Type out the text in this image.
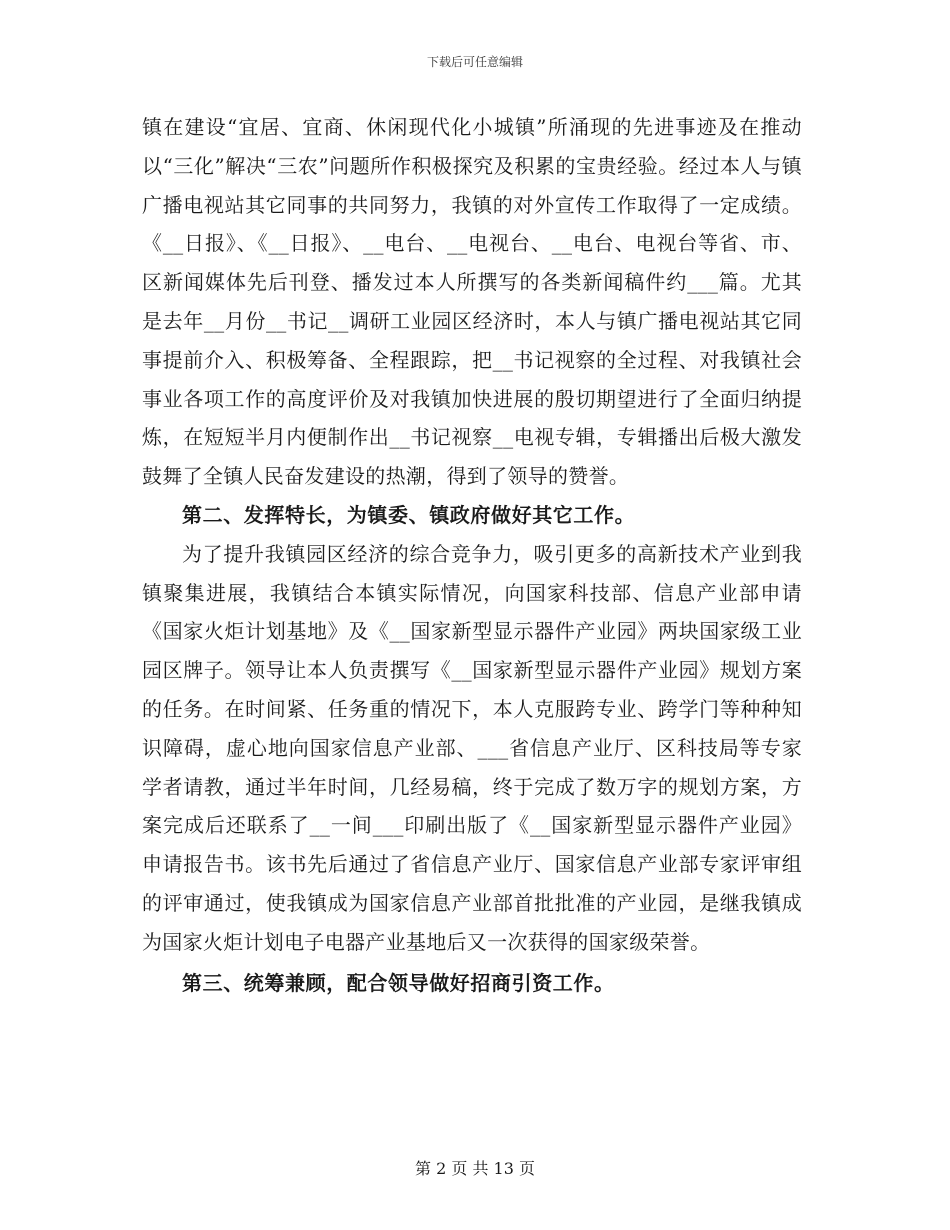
下载后可任意编辑

镇在建设“宜居、宜商、休闲现代化小城镇”所涌现的先进事迹及在推动以“三化”解决“三农”问题所作积极探究及积累的宝贵经验。经过本人与镇广播电视站其它同事的共同努力，我镇的对外宣传工作取得了一定成绩。《__日报》、《__日报》、__电台、__电视台、__电台、电视台等省、市、区新闻媒体先后刊登、播发过本人所撰写的各类新闻稿件约___篇。尤其是去年__月份__书记__调研工业园区经济时，本人与镇广播电视站其它同事提前介入、积极筹备、全程跟踪，把__书记视察的全过程、对我镇社会事业各项工作的高度评价及对我镇加快进展的殷切期望进行了全面归纳提炼，在短短半月内便制作出__书记视察__电视专辑，专辑播出后极大激发鼓舞了全镇人民奋发建设的热潮，得到了领导的赞誉。

第二、发挥特长，为镇委、镇政府做好其它工作。

为了提升我镇园区经济的综合竞争力，吸引更多的高新技术产业到我镇聚集进展，我镇结合本镇实际情况，向国家科技部、信息产业部申请《国家火炬计划基地》及《__国家新型显示器件产业园》两块国家级工业园区牌子。领导让本人负责撰写《__国家新型显示器件产业园》规划方案的任务。在时间紧、任务重的情况下，本人克服跨专业、跨学门等种种知识障碍，虚心地向国家信息产业部、___省信息产业厅、区科技局等专家学者请教，通过半年时间，几经易稿，终于完成了数万字的规划方案，方案完成后还联系了__一间___印刷出版了《__国家新型显示器件产业园》申请报告书。该书先后通过了省信息产业厅、国家信息产业部专家评审组的评审通过，使我镇成为国家信息产业部首批批准的产业园，是继我镇成为国家火炬计划电子电器产业基地后又一次获得的国家级荣誉。

第三、统筹兼顾，配合领导做好招商引资工作。

第 2 页 共 13 页
